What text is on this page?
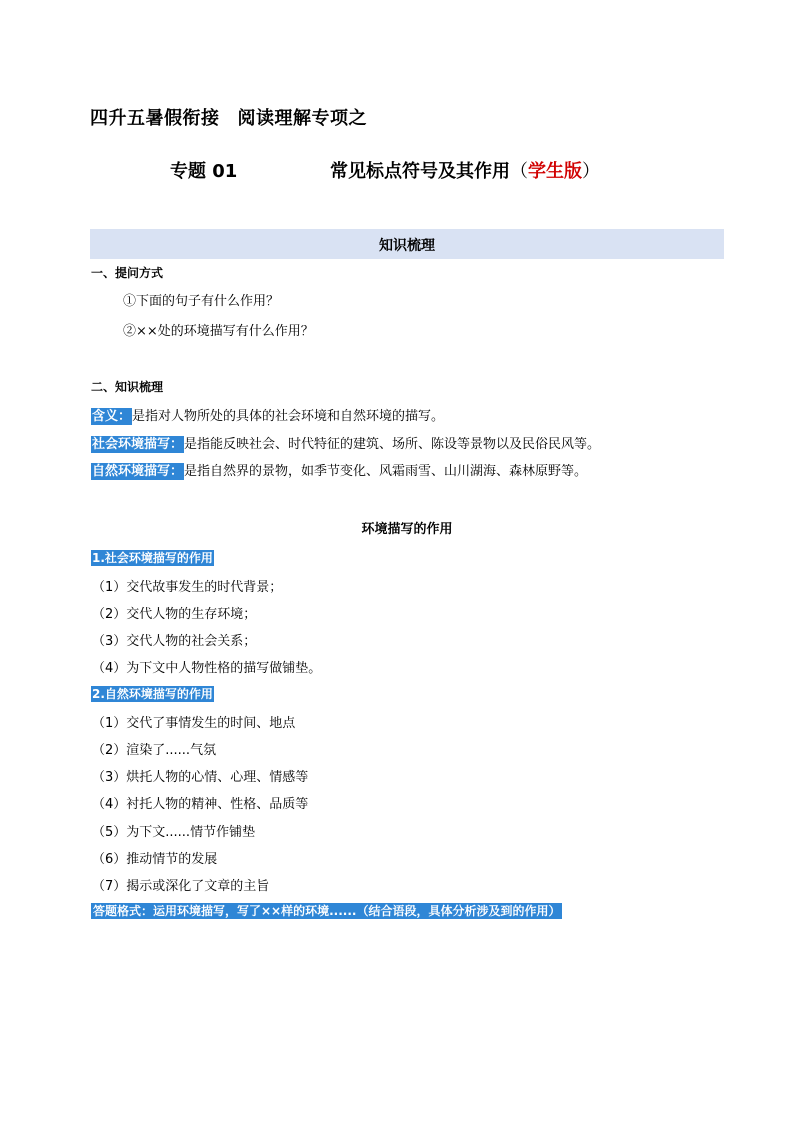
四升五暑假衔接 阅读理解专项之
专题 01	常见标点符号及其作用（学生版）
知识梳理
一、提问方式
①下面的句子有什么作用？
②××处的环境描写有什么作用？
二、知识梳理
含义：是指对人物所处的具体的社会环境和自然环境的描写。
社会环境描写：是指能反映社会、时代特征的建筑、场所、陈设等景物以及民俗民风等。
自然环境描写：是指自然界的景物，如季节变化、风霜雨雪、山川湖海、森林原野等。
环境描写的作用
1.社会环境描写的作用
（1）交代故事发生的时代背景；
（2）交代人物的生存环境；
（3）交代人物的社会关系；
（4）为下文中人物性格的描写做铺垫。
2.自然环境描写的作用
（1）交代了事情发生的时间、地点
（2）渲染了......气氛
（3）烘托人物的心情、心理、情感等
（4）衬托人物的精神、性格、品质等
（5）为下文......情节作铺垫
（6）推动情节的发展
（7）揭示或深化了文章的主旨
答题格式：运用环境描写，写了××样的环境......（结合语段，具体分析涉及到的作用）
